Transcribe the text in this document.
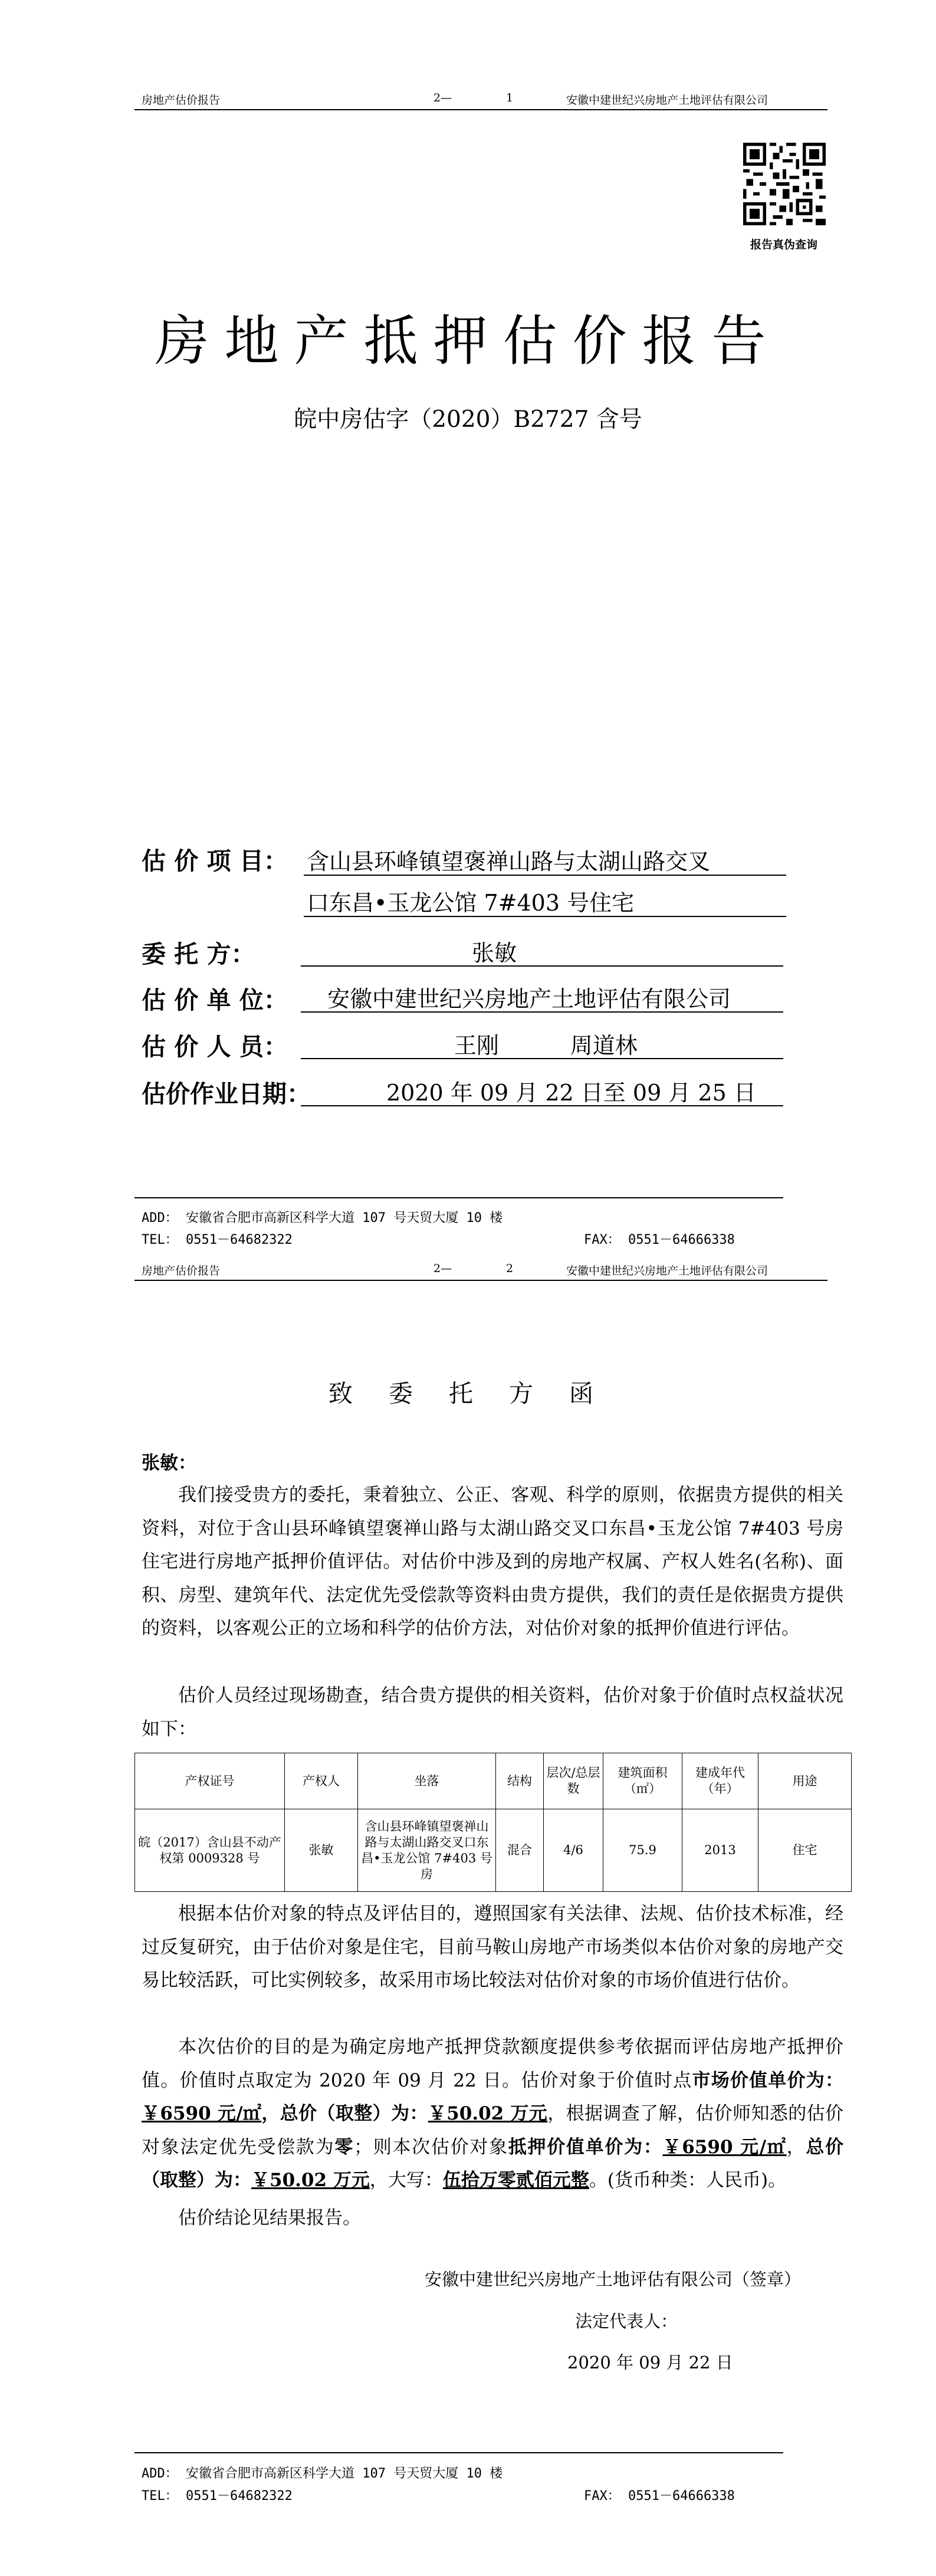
房地产估价报告	2—	1	安徽中建世纪兴房地产土地评估有限公司
报告真伪查询
房地产抵押估价报告
皖中房估字（2020）B2727 含号
估 价 项 目： 含山县环峰镇望褒禅山路与太湖山路交叉
口东昌•玉龙公馆 7#403 号住宅
委 托 方：	张敏
估 价 单 位： 安徽中建世纪兴房地产土地评估有限公司
估 价 人 员：	王刚          周道林
估价作业日期：	2020 年 09 月 22 日至 09 月 25 日
ADD： 安徽省合肥市高新区科学大道 107 号天贸大厦 10 楼
TEL： 0551－64682322	FAX： 0551－64666338
房地产估价报告	2—	2	安徽中建世纪兴房地产土地评估有限公司
致 委 托 方 函
张敏：

我们接受贵方的委托，秉着独立、公正、客观、科学的原则，依据贵方提供的相关资料，对位于含山县环峰镇望褒禅山路与太湖山路交叉口东昌•玉龙公馆 7#403 号房住宅进行房地产抵押价值评估。对估价中涉及到的房地产权属、产权人姓名(名称)、面积、房型、建筑年代、法定优先受偿款等资料由贵方提供，我们的责任是依据贵方提供的资料，以客观公正的立场和科学的估价方法，对估价对象的抵押价值进行评估。

估价人员经过现场勘查，结合贵方提供的相关资料，估价对象于价值时点权益状况如下：

产权证号	产权人	坐落	结构	层次/总层数	建筑面积（㎡）	建成年代（年）	用途
皖（2017）含山县不动产权第 0009328 号	张敏	含山县环峰镇望褒禅山路与太湖山路交叉口东昌•玉龙公馆 7#403 号房	混合	4/6	75.9	2013	住宅

根据本估价对象的特点及评估目的，遵照国家有关法律、法规、估价技术标准，经过反复研究，由于估价对象是住宅，目前马鞍山房地产市场类似本估价对象的房地产交易比较活跃，可比实例较多，故采用市场比较法对估价对象的市场价值进行估价。

本次估价的目的是为确定房地产抵押贷款额度提供参考依据而评估房地产抵押价值。价值时点取定为 2020 年 09 月 22 日。估价对象于价值时点市场价值单价为：￥6590 元/㎡，总价（取整）为：￥50.02 万元，根据调查了解，估价师知悉的估价对象法定优先受偿款为零；则本次估价对象抵押价值单价为：￥6590 元/㎡，总价（取整）为：￥50.02 万元，大写：伍拾万零贰佰元整。(货币种类：人民币)。

估价结论见结果报告。

安徽中建世纪兴房地产土地评估有限公司（签章）
法定代表人：
2020 年 09 月 22 日
ADD： 安徽省合肥市高新区科学大道 107 号天贸大厦 10 楼
TEL： 0551－64682322	FAX： 0551－64666338
